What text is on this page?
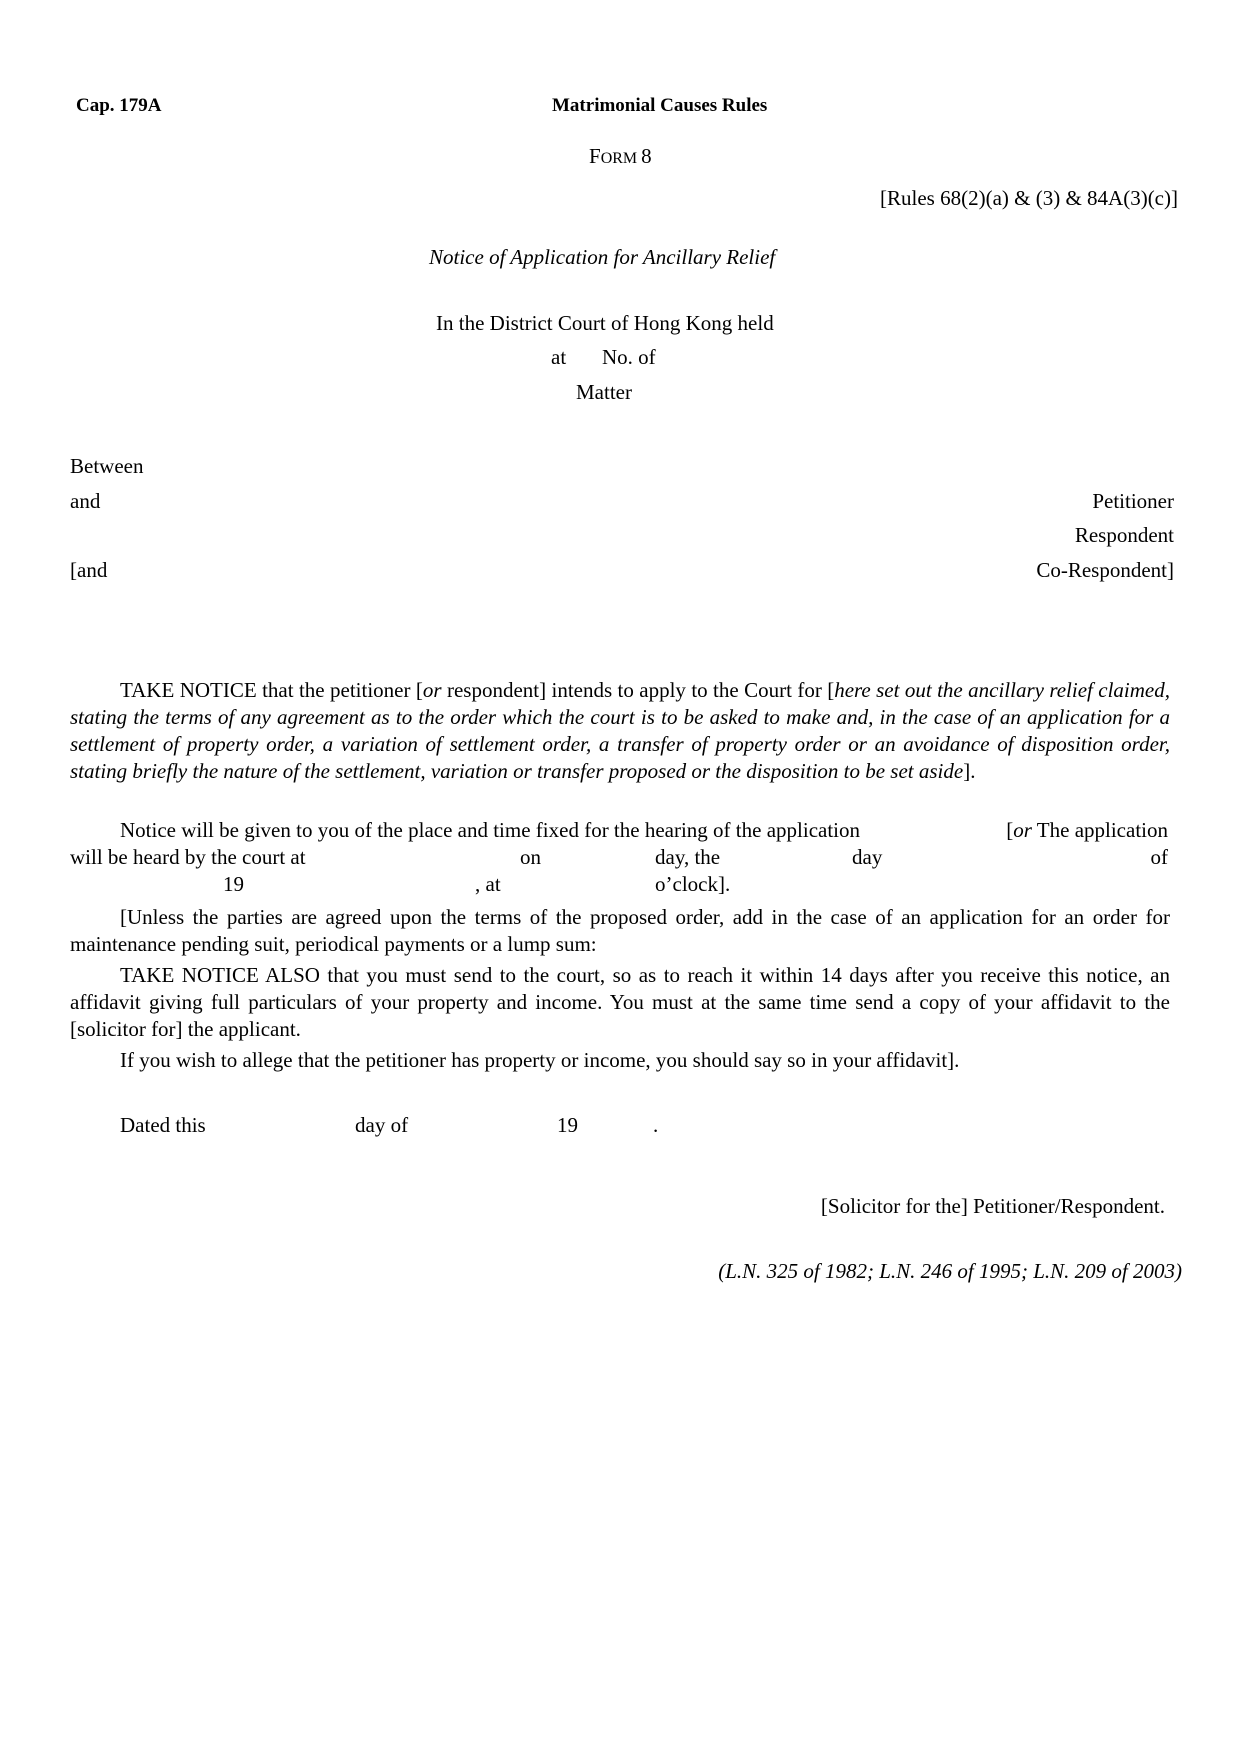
Cap. 179A	Matrimonial Causes Rules
FORM 8
[Rules 68(2)(a) & (3) & 84A(3)(c)]
Notice of Application for Ancillary Relief
In the District Court of Hong Kong held
at No. of
Matter
Between
and
[and
Petitioner
Respondent
Co-Respondent]
TAKE NOTICE that the petitioner [or respondent] intends to apply to the Court for [here set out the ancillary relief claimed, stating the terms of any agreement as to the order which the court is to be asked to make and, in the case of an application for a settlement of property order, a variation of settlement order, a transfer of property order or an avoidance of disposition order, stating briefly the nature of the settlement, variation or transfer proposed or the disposition to be set aside].
Notice will be given to you of the place and time fixed for the hearing of the application	[or The application
will be heard by the court at	on	day, the	day	of
19	, at	o’clock].
[Unless the parties are agreed upon the terms of the proposed order, add in the case of an application for an order for maintenance pending suit, periodical payments or a lump sum:
TAKE NOTICE ALSO that you must send to the court, so as to reach it within 14 days after you receive this notice, an affidavit giving full particulars of your property and income. You must at the same time send a copy of your affidavit to the [solicitor for] the applicant.
If you wish to allege that the petitioner has property or income, you should say so in your affidavit].
Dated this	day of	19	.
[Solicitor for the] Petitioner/Respondent.
(L.N. 325 of 1982; L.N. 246 of 1995; L.N. 209 of 2003)
